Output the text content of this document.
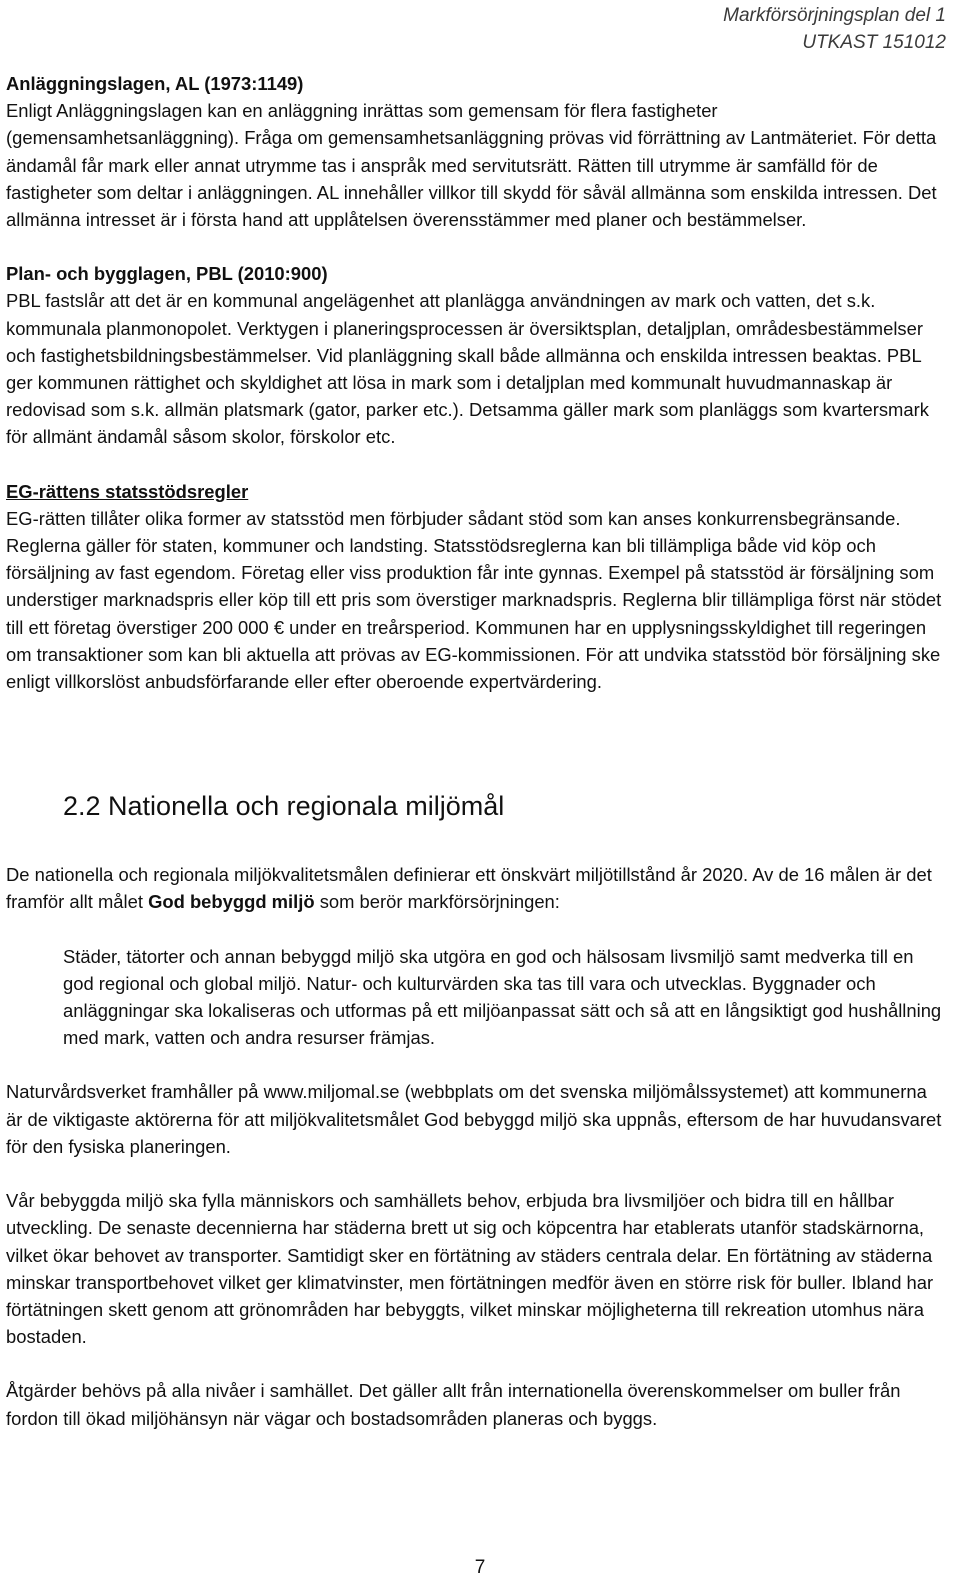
Markförsörjningsplan del 1
UTKAST 151012

Anläggningslagen, AL (1973:1149)

Enligt Anläggningslagen kan en anläggning inrättas som gemensam för flera fastigheter (gemensamhetsanläggning). Fråga om gemensamhetsanläggning prövas vid förrättning av Lantmäteriet. För detta ändamål får mark eller annat utrymme tas i anspråk med servitutsrätt. Rätten till utrymme är samfälld för de fastigheter som deltar i anläggningen. AL innehåller villkor till skydd för såväl allmänna som enskilda intressen. Det allmänna intresset är i första hand att upplåtelsen överensstämmer med planer och bestämmelser.

Plan- och bygglagen, PBL (2010:900)

PBL fastslår att det är en kommunal angelägenhet att planlägga användningen av mark och vatten, det s.k. kommunala planmonopolet. Verktygen i planeringsprocessen är översiktsplan, detaljplan, områdesbestämmelser och fastighetsbildningsbestämmelser. Vid planläggning skall både allmänna och enskilda intressen beaktas. PBL ger kommunen rättighet och skyldighet att lösa in mark som i detaljplan med kommunalt huvudmannaskap är redovisad som s.k. allmän platsmark (gator, parker etc.). Detsamma gäller mark som planläggs som kvartersmark för allmänt ändamål såsom skolor, förskolor etc.

EG-rättens statsstödsregler

EG-rätten tillåter olika former av statsstöd men förbjuder sådant stöd som kan anses konkurrensbegränsande. Reglerna gäller för staten, kommuner och landsting. Statsstödsreglerna kan bli tillämpliga både vid köp och försäljning av fast egendom. Företag eller viss produktion får inte gynnas. Exempel på statsstöd är försäljning som understiger marknadspris eller köp till ett pris som överstiger marknadspris. Reglerna blir tillämpliga först när stödet till ett företag överstiger 200 000 € under en treårsperiod. Kommunen har en upplysningsskyldighet till regeringen om transaktioner som kan bli aktuella att prövas av EG-kommissionen. För att undvika statsstöd bör försäljning ske enligt villkorslöst anbudsförfarande eller efter oberoende expertvärdering.

2.2 Nationella och regionala miljömål

De nationella och regionala miljökvalitetsmålen definierar ett önskvärt miljötillstånd år 2020. Av de 16 målen är det framför allt målet God bebyggd miljö som berör markförsörjningen:

Städer, tätorter och annan bebyggd miljö ska utgöra en god och hälsosam livsmiljö samt medverka till en god regional och global miljö. Natur- och kulturvärden ska tas till vara och utvecklas. Byggnader och anläggningar ska lokaliseras och utformas på ett miljöanpassat sätt och så att en långsiktigt god hushållning med mark, vatten och andra resurser främjas.

Naturvårdsverket framhåller på www.miljomal.se (webbplats om det svenska miljömålssystemet) att kommunerna är de viktigaste aktörerna för att miljökvalitetsmålet God bebyggd miljö ska uppnås, eftersom de har huvudansvaret för den fysiska planeringen.

Vår bebyggda miljö ska fylla människors och samhällets behov, erbjuda bra livsmiljöer och bidra till en hållbar utveckling. De senaste decennierna har städerna brett ut sig och köpcentra har etablerats utanför stadskärnorna, vilket ökar behovet av transporter. Samtidigt sker en förtätning av städers centrala delar. En förtätning av städerna minskar transportbehovet vilket ger klimatvinster, men förtätningen medför även en större risk för buller. Ibland har förtätningen skett genom att grönområden har bebyggts, vilket minskar möjligheterna till rekreation utomhus nära bostaden.

Åtgärder behövs på alla nivåer i samhället. Det gäller allt från internationella överenskommelser om buller från fordon till ökad miljöhänsyn när vägar och bostadsområden planeras och byggs.

7
